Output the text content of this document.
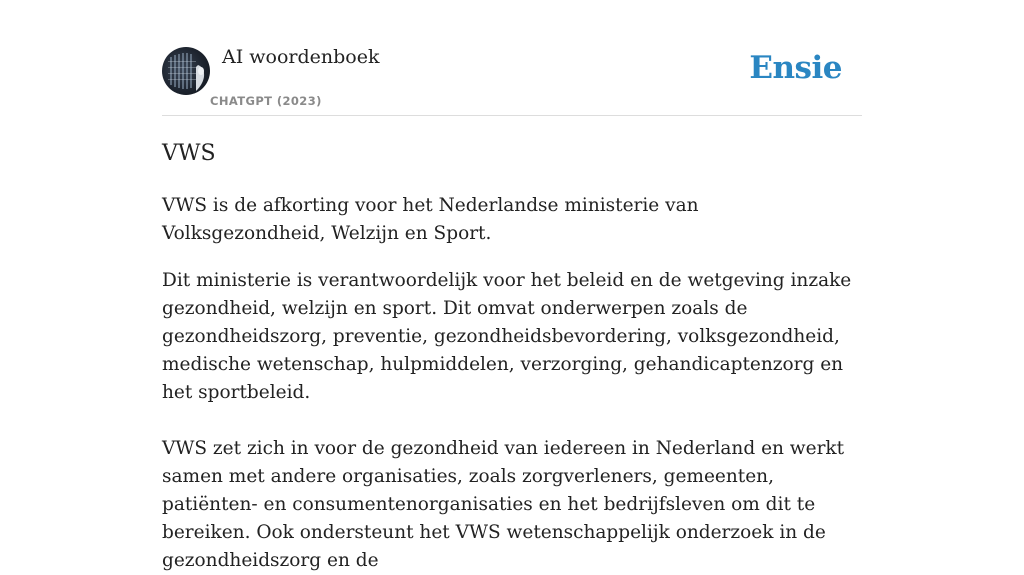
AI woordenboek
CHATGPT (2023)
Ensie
VWS

VWS is de afkorting voor het Nederlandse ministerie van Volksgezondheid, Welzijn en Sport.

Dit ministerie is verantwoordelijk voor het beleid en de wetgeving inzake gezondheid, welzijn en sport. Dit omvat onderwerpen zoals de gezondheidszorg, preventie, gezondheidsbevordering, volksgezondheid, medische wetenschap, hulpmiddelen, verzorging, gehandicaptenzorg en het sportbeleid.

VWS zet zich in voor de gezondheid van iedereen in Nederland en werkt samen met andere organisaties, zoals zorgverleners, gemeenten, patiënten- en consumentenorganisaties en het bedrijfsleven om dit te bereiken. Ook ondersteunt het VWS wetenschappelijk onderzoek in de gezondheidszorg en de
